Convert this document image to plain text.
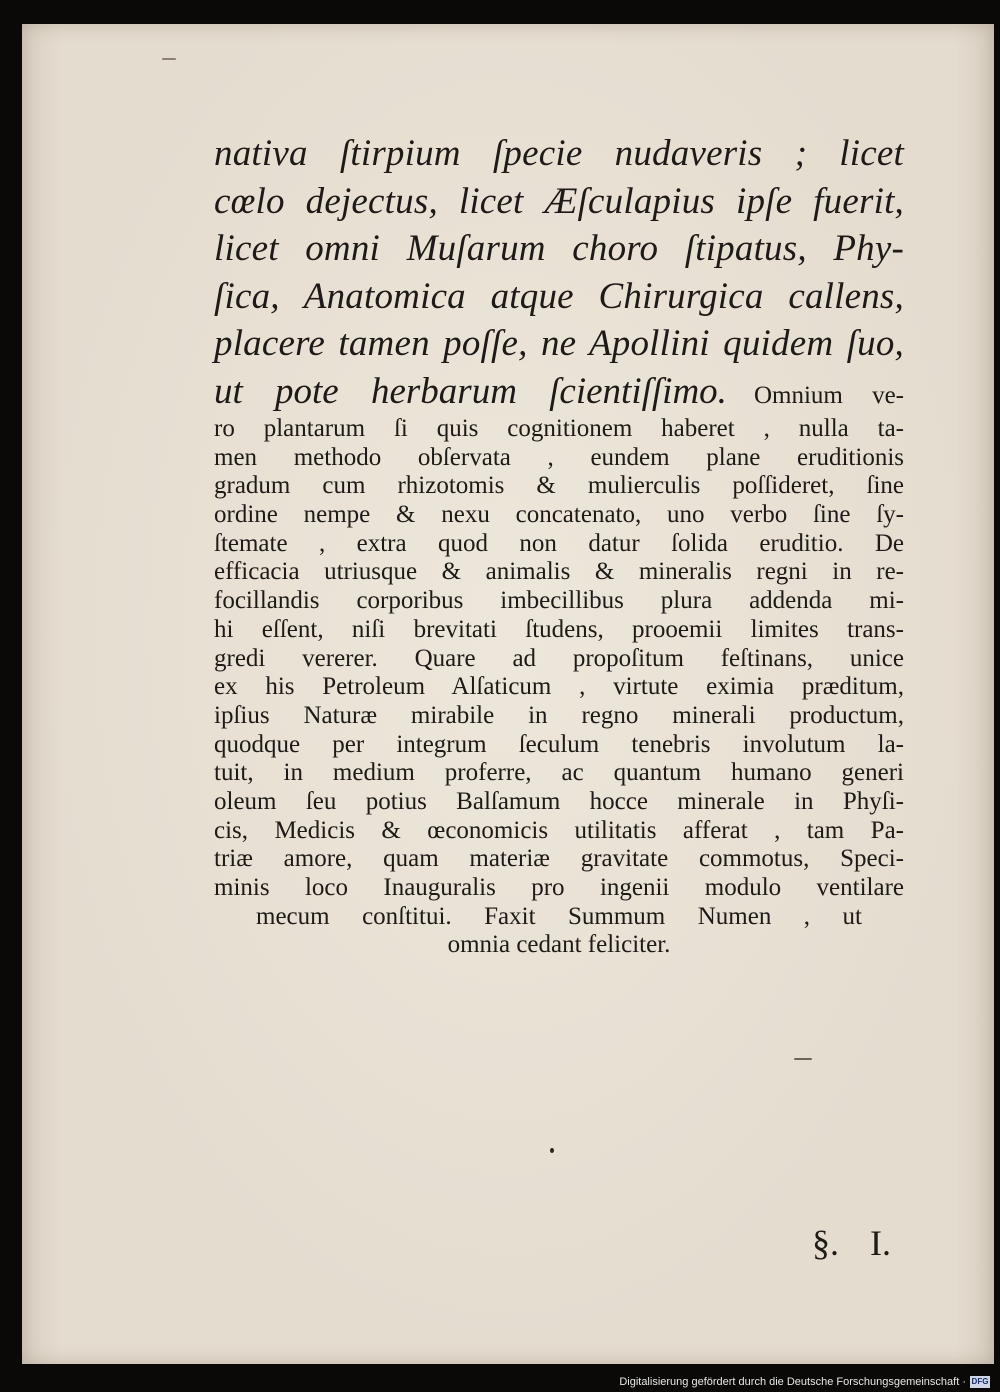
nativa ſtirpium ſpecie nudaveris ; licet
cœlo dejectus, licet Æſculapius ipſe fuerit,
licet omni Muſarum choro ſtipatus, Phy-
ſica, Anatomica atque Chirurgica callens,
placere tamen poſſe, ne Apollini quidem ſuo,
ut pote herbarum ſcientiſſimo. Omnium ve-
ro plantarum ſi quis cognitionem haberet , nulla ta-
men methodo obſervata , eundem plane eruditionis
gradum cum rhizotomis & mulierculis poſſideret, ſine
ordine nempe & nexu concatenato, uno verbo ſine ſy-
ſtemate , extra quod non datur ſolida eruditio. De
efficacia utriusque & animalis & mineralis regni in re-
focillandis corporibus imbecillibus plura addenda mi-
hi eſſent, niſi brevitati ſtudens, prooemii limites trans-
gredi vererer. Quare ad propoſitum feſtinans, unice
ex his Petroleum Alſaticum , virtute eximia præditum,
ipſius Naturæ mirabile in regno minerali productum,
quodque per integrum ſeculum tenebris involutum la-
tuit, in medium proferre, ac quantum humano generi
oleum ſeu potius Balſamum hocce minerale in Phyſi-
cis, Medicis & œconomicis utilitatis afferat , tam Pa-
triæ amore, quam materiæ gravitate commotus, Speci-
minis loco Inauguralis pro ingenii modulo ventilare
mecum conſtitui. Faxit Summum Numen , ut
omnia cedant feliciter.
§. I.
Digitalisierung gefördert durch die Deutsche Forschungsgemeinschaft · DFG
